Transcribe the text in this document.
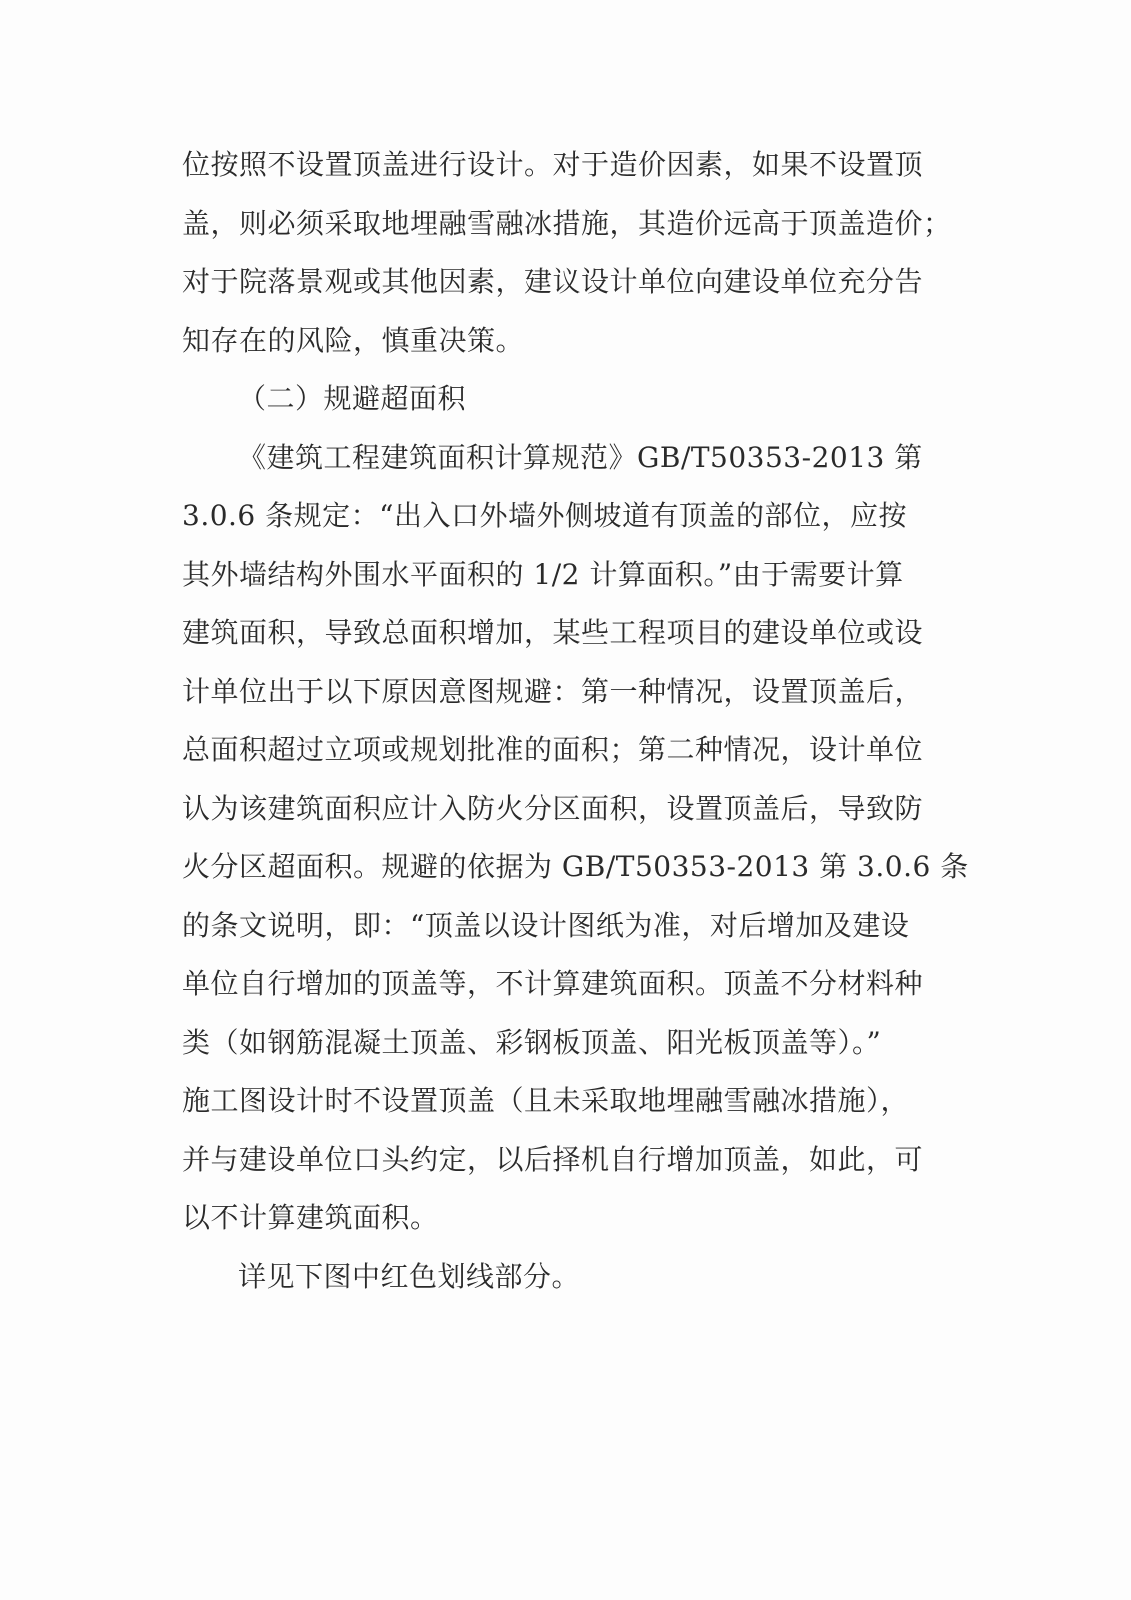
位按照不设置顶盖进行设计。对于造价因素，如果不设置顶
盖，则必须采取地埋融雪融冰措施，其造价远高于顶盖造价；
对于院落景观或其他因素，建议设计单位向建设单位充分告
知存在的风险，慎重决策。

（二）规避超面积

《建筑工程建筑面积计算规范》GB/T50353-2013 第
3.0.6 条规定：“出入口外墙外侧坡道有顶盖的部位，应按
其外墙结构外围水平面积的 1/2 计算面积。”由于需要计算
建筑面积，导致总面积增加，某些工程项目的建设单位或设
计单位出于以下原因意图规避：第一种情况，设置顶盖后，
总面积超过立项或规划批准的面积；第二种情况，设计单位
认为该建筑面积应计入防火分区面积，设置顶盖后，导致防
火分区超面积。规避的依据为 GB/T50353-2013 第 3.0.6 条
的条文说明，即：“顶盖以设计图纸为准，对后增加及建设
单位自行增加的顶盖等，不计算建筑面积。顶盖不分材料种
类（如钢筋混凝土顶盖、彩钢板顶盖、阳光板顶盖等）。”
施工图设计时不设置顶盖（且未采取地埋融雪融冰措施），
并与建设单位口头约定，以后择机自行增加顶盖，如此，可
以不计算建筑面积。

详见下图中红色划线部分。
